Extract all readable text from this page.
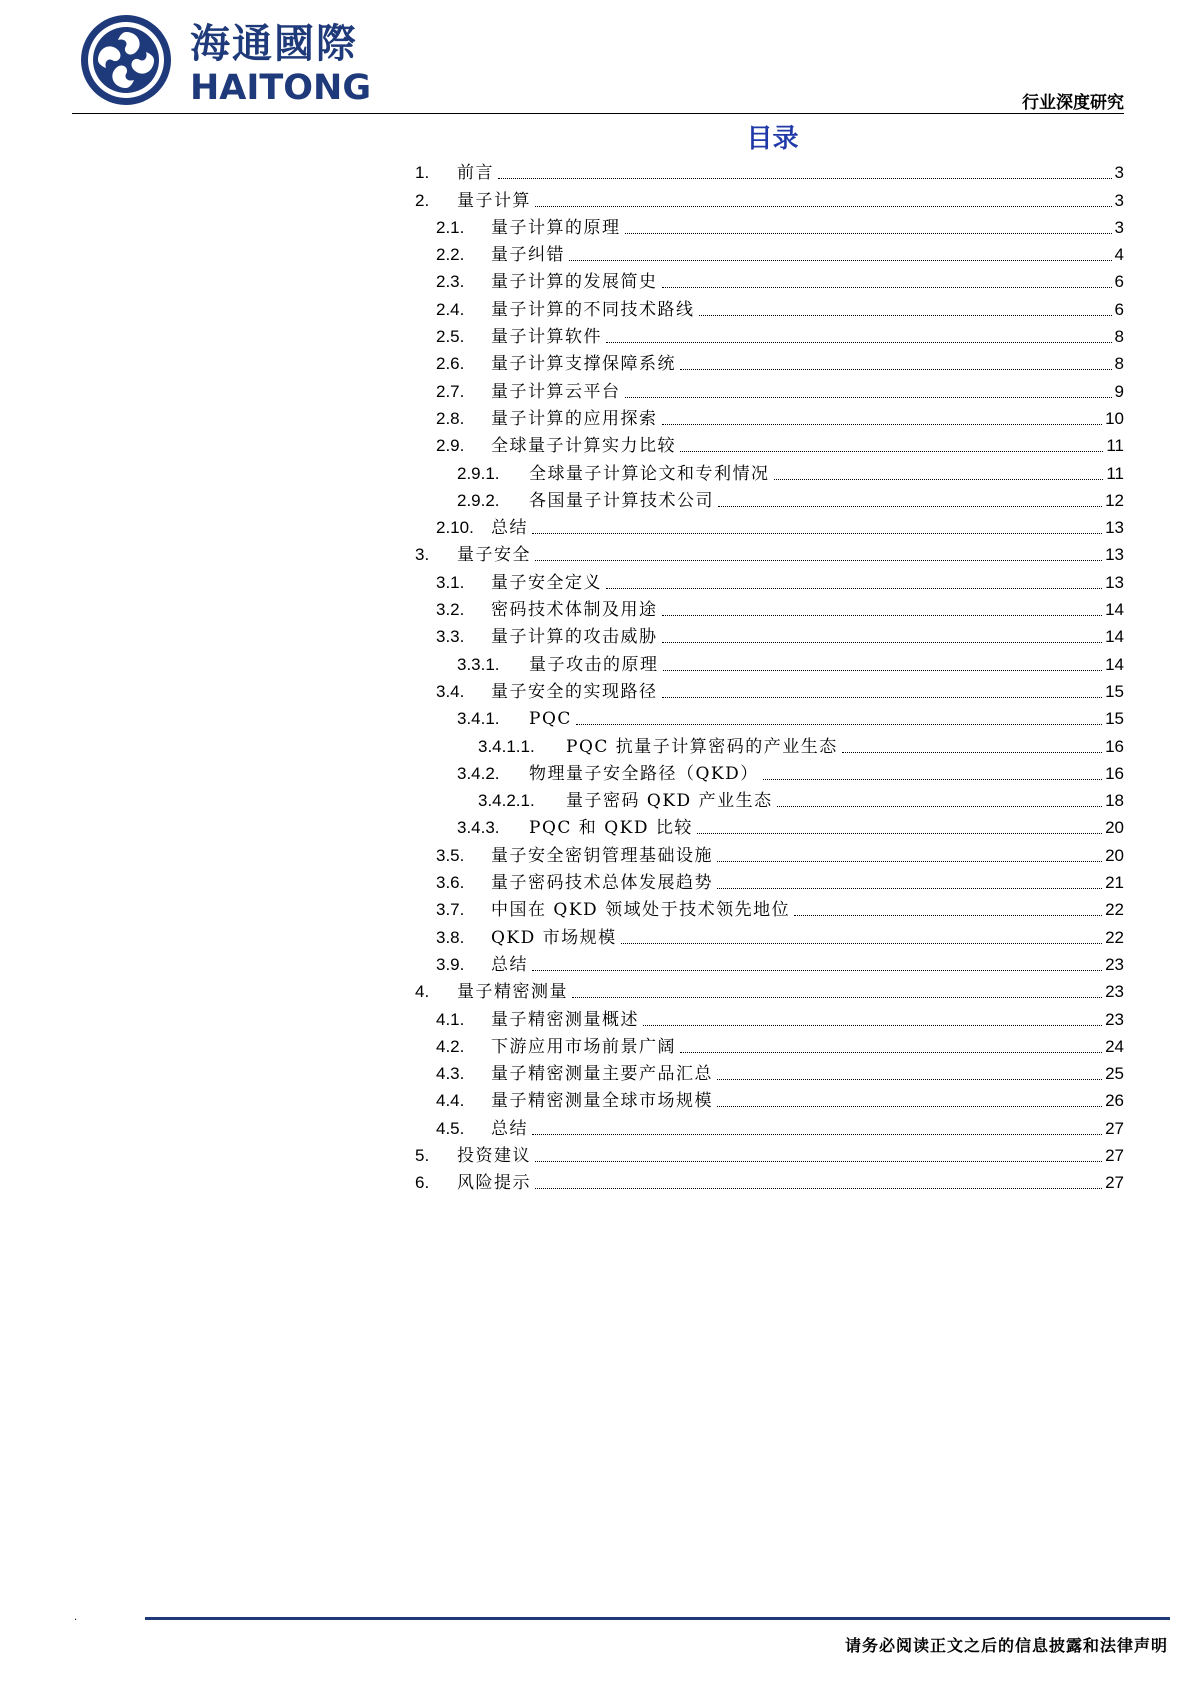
海通國際
HAITONG	行业深度研究
目录
1.	前言	3
2.	量子计算	3
2.1.	量子计算的原理	3
2.2.	量子纠错	4
2.3.	量子计算的发展简史	6
2.4.	量子计算的不同技术路线	6
2.5.	量子计算软件	8
2.6.	量子计算支撑保障系统	8
2.7.	量子计算云平台	9
2.8.	量子计算的应用探索	10
2.9.	全球量子计算实力比较	11
2.9.1.	全球量子计算论文和专利情况	11
2.9.2.	各国量子计算技术公司	12
2.10.	总结	13
3.	量子安全	13
3.1.	量子安全定义	13
3.2.	密码技术体制及用途	14
3.3.	量子计算的攻击威胁	14
3.3.1.	量子攻击的原理	14
3.4.	量子安全的实现路径	15
3.4.1.	PQC	15
3.4.1.1.	PQC 抗量子计算密码的产业生态	16
3.4.2.	物理量子安全路径（QKD）	16
3.4.2.1.	量子密码 QKD 产业生态	18
3.4.3.	PQC 和 QKD 比较	20
3.5.	量子安全密钥管理基础设施	20
3.6.	量子密码技术总体发展趋势	21
3.7.	中国在 QKD 领域处于技术领先地位	22
3.8.	QKD 市场规模	22
3.9.	总结	23
4.	量子精密测量	23
4.1.	量子精密测量概述	23
4.2.	下游应用市场前景广阔	24
4.3.	量子精密测量主要产品汇总	25
4.4.	量子精密测量全球市场规模	26
4.5.	总结	27
5.	投资建议	27
6.	风险提示	27
.
请务必阅读正文之后的信息披露和法律声明
